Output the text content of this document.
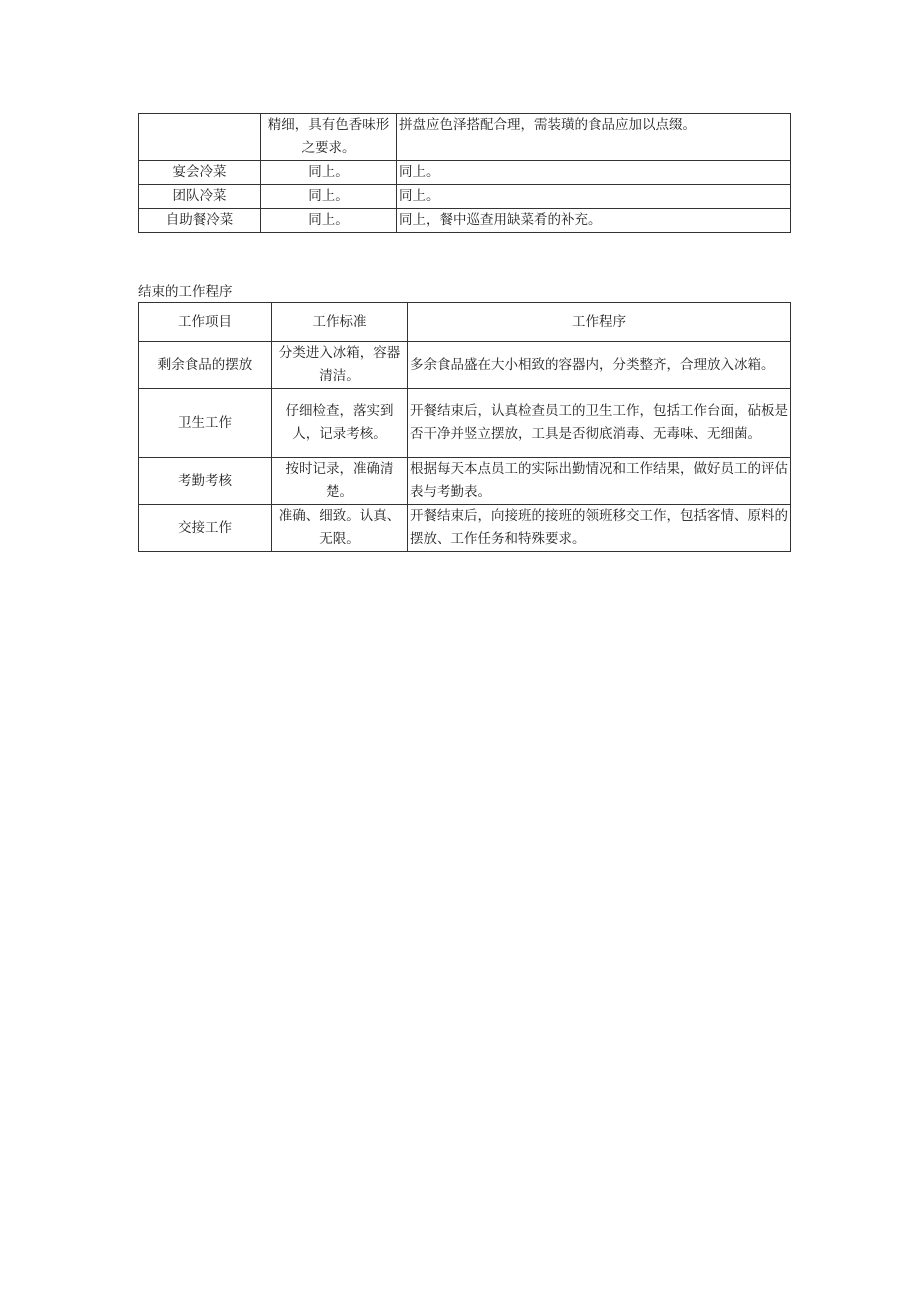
	精细，具有色香味形之要求。	拼盘应色泽搭配合理，需装璜的食品应加以点缀。
宴会冷菜	同上。	同上。
团队冷菜	同上。	同上。
自助餐冷菜	同上。	同上，餐中巡查用缺菜肴的补充。

结束的工作程序

工作项目	工作标准	工作程序
剩余食品的摆放	分类进入冰箱，容器清洁。	多余食品盛在大小相致的容器内，分类整齐，合理放入冰箱。
卫生工作	仔细检查，落实到人，记录考核。	开餐结束后，认真检查员工的卫生工作，包括工作台面，砧板是否干净并竖立摆放，工具是否彻底消毒、无毒味、无细菌。
考勤考核	按时记录，准确清楚。	根据每天本点员工的实际出勤情况和工作结果，做好员工的评估表与考勤表。
交接工作	准确、细致。认真、无限。	开餐结束后，向接班的接班的领班移交工作，包括客情、原料的摆放、工作任务和特殊要求。
